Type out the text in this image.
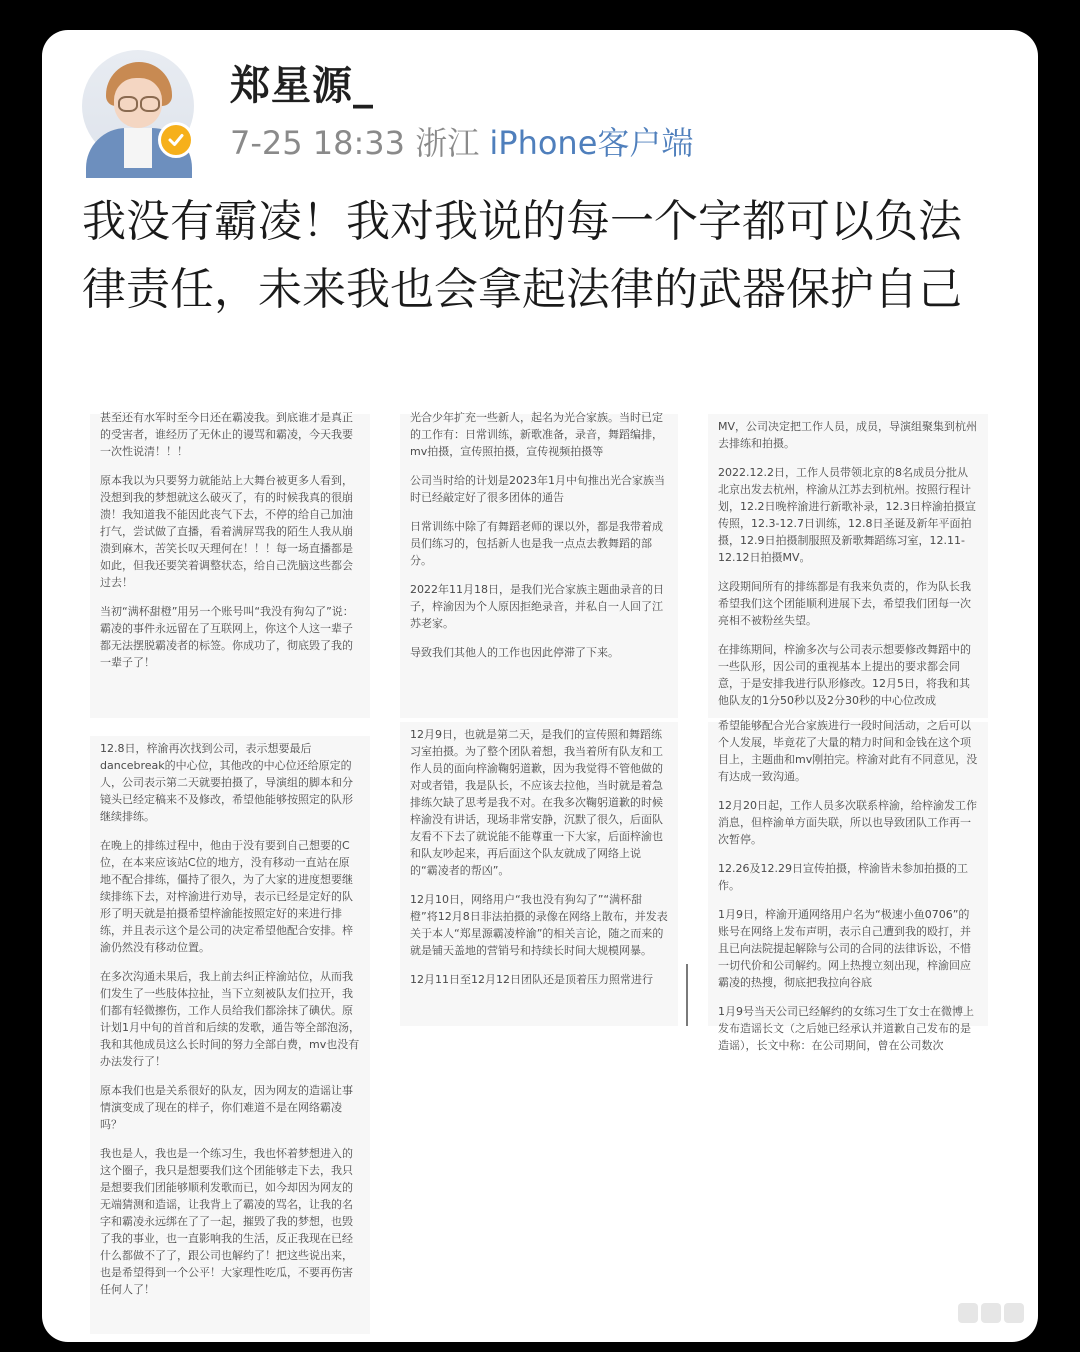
郑星源_
7-25 18:33 浙江 iPhone客户端

我没有霸凌！我对我说的每一个字都可以负法律责任，未来我也会拿起法律的武器保护自己

甚至还有水军时至今日还在霸凌我。到底谁才是真正的受害者，谁经历了无休止的谩骂和霸凌，今天我要一次性说清！！！

原本我以为只要努力就能站上大舞台被更多人看到，没想到我的梦想就这么破灭了，有的时候我真的很崩溃！我知道我不能因此丧气下去，不停的给自己加油打气，尝试做了直播，看着满屏骂我的陌生人我从崩溃到麻木，苦笑长叹天理何在！！！每一场直播都是如此，但我还要笑着调整状态，给自己洗脑这些都会过去！

当初“满杯甜橙”用另一个账号叫“我没有狗勾了”说：霸凌的事件永远留在了互联网上，你这个人这一辈子都无法摆脱霸凌者的标签。你成功了，彻底毁了我的一辈子了！

光合少年扩充一些新人，起名为光合家族。当时已定的工作有：日常训练，新歌准备，录音，舞蹈编排，mv拍摄，宣传照拍摄，宣传视频拍摄等

公司当时给的计划是2023年1月中旬推出光合家族当时已经敲定好了很多团体的通告

日常训练中除了有舞蹈老师的课以外，都是我带着成员们练习的，包括新人也是我一点点去教舞蹈的部分。

2022年11月18日，是我们光合家族主题曲录音的日子，梓渝因为个人原因拒绝录音，并私自一人回了江苏老家。

导致我们其他人的工作也因此停滞了下来。

MV，公司决定把工作人员，成员，导演组聚集到杭州去排练和拍摄。

2022.12.2日，工作人员带领北京的8名成员分批从北京出发去杭州，梓渝从江苏去到杭州。按照行程计划，12.2日晚梓渝进行新歌补录，12.3日梓渝拍摄宣传照，12.3-12.7日训练，12.8日圣诞及新年平面拍摄，12.9日拍摄制服照及新歌舞蹈练习室，12.11-12.12日拍摄MV。

这段期间所有的排练都是有我来负责的，作为队长我希望我们这个团能顺利进展下去，希望我们团每一次亮相不被粉丝失望。

在排练期间，梓渝多次与公司表示想要修改舞蹈中的一些队形，因公司的重视基本上提出的要求都会同意，于是安排我进行队形修改。12月5日，将我和其他队友的1分50秒以及2分30秒的中心位改成

12.8日，梓渝再次找到公司，表示想要最后dancebreak的中心位，其他改的中心位还给原定的人，公司表示第二天就要拍摄了，导演组的脚本和分镜头已经定稿来不及修改，希望他能够按照定的队形继续排练。

在晚上的排练过程中，他由于没有要到自己想要的C位，在本来应该站C位的地方，没有移动一直站在原地不配合排练，僵持了很久，为了大家的进度想要继续排练下去，对梓渝进行劝导，表示已经是定好的队形了明天就是拍摄希望梓渝能按照定好的来进行排练，并且表示这个是公司的决定希望他配合安排。梓渝仍然没有移动位置。

在多次沟通未果后，我上前去纠正梓渝站位，从而我们发生了一些肢体拉扯，当下立刻被队友们拉开，我们都有轻微擦伤，工作人员给我们都涂抹了碘伏。原计划1月中旬的首首和后续的发歌，通告等全部泡汤，我和其他成员这么长时间的努力全部白费，mv也没有办法发行了！

原本我们也是关系很好的队友，因为网友的造谣让事情演变成了现在的样子，你们难道不是在网络霸凌吗？

我也是人，我也是一个练习生，我也怀着梦想进入的这个圈子，我只是想要我们这个团能够走下去，我只是想要我们团能够顺利发歌而已，如今却因为网友的无端猜测和造谣，让我背上了霸凌的骂名，让我的名字和霸凌永远绑在了了一起，摧毁了我的梦想，也毁了我的事业，也一直影响我的生活，反正我现在已经什么都做不了了，跟公司也解约了！把这些说出来，也是希望得到一个公平！大家理性吃瓜，不要再伤害任何人了！

12月9日，也就是第二天，是我们的宣传照和舞蹈练习室拍摄。为了整个团队着想，我当着所有队友和工作人员的面向梓渝鞠躬道歉，因为我觉得不管他做的对或者错，我是队长，不应该去拉他，当时就是着急排练欠缺了思考是我不对。在我多次鞠躬道歉的时候梓渝没有讲话，现场非常安静，沉默了很久，后面队友看不下去了就说能不能尊重一下大家，后面梓渝也和队友吵起来，再后面这个队友就成了网络上说的“霸凌者的帮凶”。

12月10日，网络用户“我也没有狗勾了”“满杯甜橙”将12月8日非法拍摄的录像在网络上散布，并发表关于本人“郑星源霸凌梓渝”的相关言论，随之而来的就是铺天盖地的营销号和持续长时间大规模网暴。

12月11日至12月12日团队还是顶着压力照常进行

希望能够配合光合家族进行一段时间活动，之后可以个人发展，毕竟花了大量的精力时间和金钱在这个项目上，主题曲和mv刚拍完。梓渝对此有不同意见，没有达成一致沟通。

12月20日起，工作人员多次联系梓渝，给梓渝发工作消息，但梓渝单方面失联，所以也导致团队工作再一次暂停。

12.26及12.29日宣传拍摄，梓渝皆未参加拍摄的工作。

1月9日，梓渝开通网络用户名为“极速小鱼0706”的账号在网络上发布声明，表示自己遭到我的殴打，并且已向法院提起解除与公司的合同的法律诉讼，不惜一切代价和公司解约。网上热搜立刻出现，梓渝回应霸凌的热搜，彻底把我拉向谷底

1月9号当天公司已经解约的女练习生丁女士在微博上发布造谣长文（之后她已经承认并道歉自己发布的是造谣），长文中称：在公司期间，曾在公司数次
